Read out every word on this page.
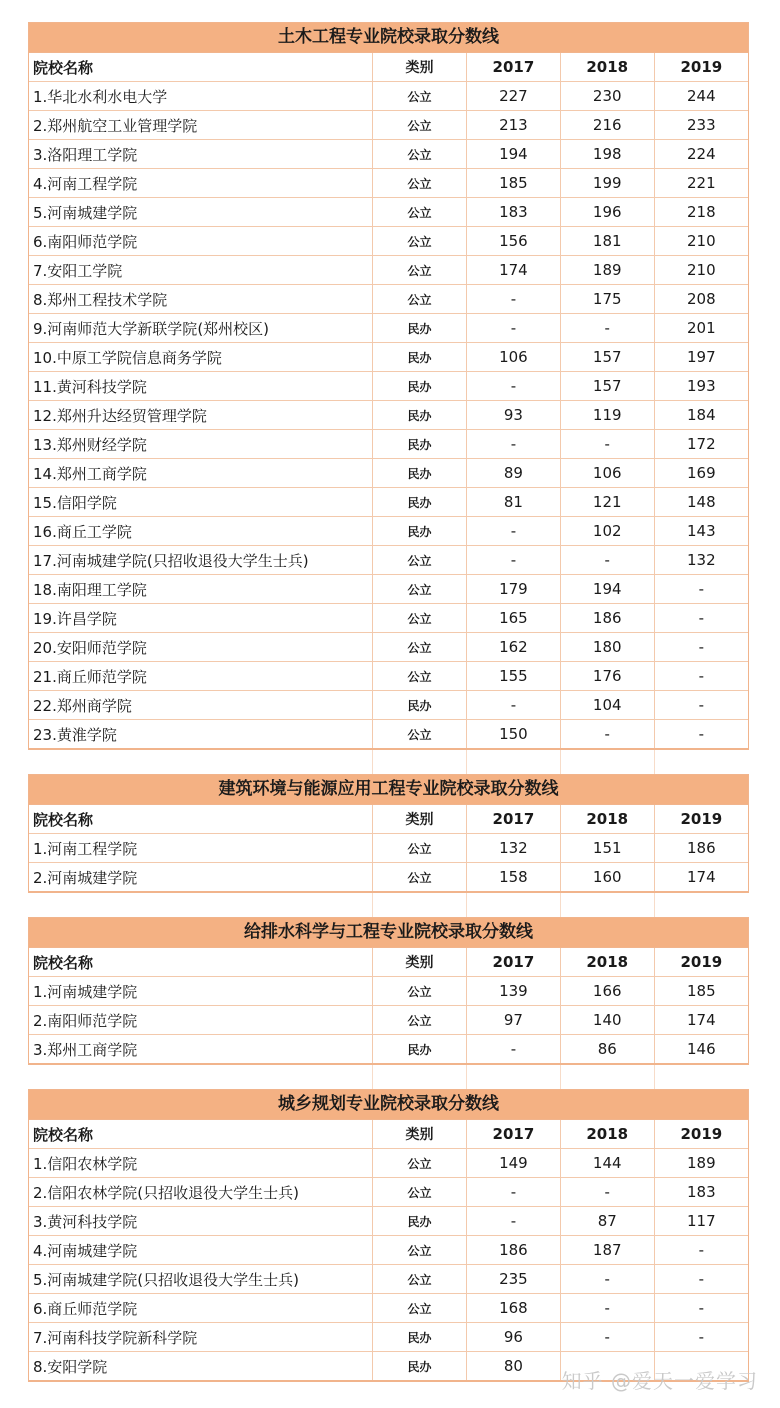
土木工程专业院校录取分数线
院校名称	类别	2017	2018	2019
1.华北水利水电大学	公立	227	230	244
2.郑州航空工业管理学院	公立	213	216	233
3.洛阳理工学院	公立	194	198	224
4.河南工程学院	公立	185	199	221
5.河南城建学院	公立	183	196	218
6.南阳师范学院	公立	156	181	210
7.安阳工学院	公立	174	189	210
8.郑州工程技术学院	公立	-	175	208
9.河南师范大学新联学院(郑州校区)	民办	-	-	201
10.中原工学院信息商务学院	民办	106	157	197
11.黄河科技学院	民办	-	157	193
12.郑州升达经贸管理学院	民办	93	119	184
13.郑州财经学院	民办	-	-	172
14.郑州工商学院	民办	89	106	169
15.信阳学院	民办	81	121	148
16.商丘工学院	民办	-	102	143
17.河南城建学院(只招收退役大学生士兵)	公立	-	-	132
18.南阳理工学院	公立	179	194	-
19.许昌学院	公立	165	186	-
20.安阳师范学院	公立	162	180	-
21.商丘师范学院	公立	155	176	-
22.郑州商学院	民办	-	104	-
23.黄淮学院	公立	150	-	-
建筑环境与能源应用工程专业院校录取分数线
院校名称	类别	2017	2018	2019
1.河南工程学院	公立	132	151	186
2.河南城建学院	公立	158	160	174
给排水科学与工程专业院校录取分数线
院校名称	类别	2017	2018	2019
1.河南城建学院	公立	139	166	185
2.南阳师范学院	公立	97	140	174
3.郑州工商学院	民办	-	86	146
城乡规划专业院校录取分数线
院校名称	类别	2017	2018	2019
1.信阳农林学院	公立	149	144	189
2.信阳农林学院(只招收退役大学生士兵)	公立	-	-	183
3.黄河科技学院	民办	-	87	117
4.河南城建学院	公立	186	187	-
5.河南城建学院(只招收退役大学生士兵)	公立	235	-	-
6.商丘师范学院	公立	168	-	-
7.河南科技学院新科学院	民办	96	-	-
8.安阳学院	民办	80		
知乎 @爱天一爱学习
